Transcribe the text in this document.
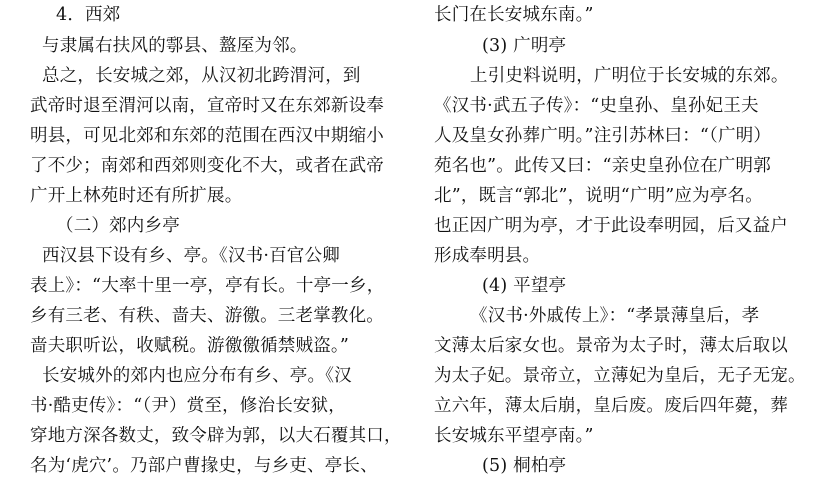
4．西郊
与隶属右扶风的鄠县、盩厔为邻。
总之，长安城之郊，从汉初北跨渭河，到
武帝时退至渭河以南，宣帝时又在东郊新设奉
明县，可见北郊和东郊的范围在西汉中期缩小
了不少；南郊和西郊则变化不大，或者在武帝
广开上林苑时还有所扩展。
（二）郊内乡亭
西汉县下设有乡、亭。《汉书·百官公卿
表上》：“大率十里一亭，亭有长。十亭一乡，
乡有三老、有秩、啬夫、游徼。三老掌教化。
啬夫职听讼，收赋税。游徼徼循禁贼盗。”
长安城外的郊内也应分布有乡、亭。《汉
书·酷吏传》：“（尹）赏至，修治长安狱，
穿地方深各数丈，致令辟为郭，以大石覆其口，
名为‘虎穴’。乃部户曹掾史，与乡吏、亭长、
长门在长安城东南。”
(3) 广明亭
上引史料说明，广明位于长安城的东郊。
《汉书·武五子传》：“史皇孙、皇孙妃王夫
人及皇女孙葬广明。”注引苏林曰：“（广明）
苑名也”。此传又曰：“亲史皇孙位在广明郭
北”，既言“郭北”，说明“广明”应为亭名。
也正因广明为亭，才于此设奉明园，后又益户
形成奉明县。
(4) 平望亭
《汉书·外戚传上》：“孝景薄皇后，孝
文薄太后家女也。景帝为太子时，薄太后取以
为太子妃。景帝立，立薄妃为皇后，无子无宠。
立六年，薄太后崩，皇后废。废后四年薨，葬
长安城东平望亭南。”
(5) 桐柏亭
